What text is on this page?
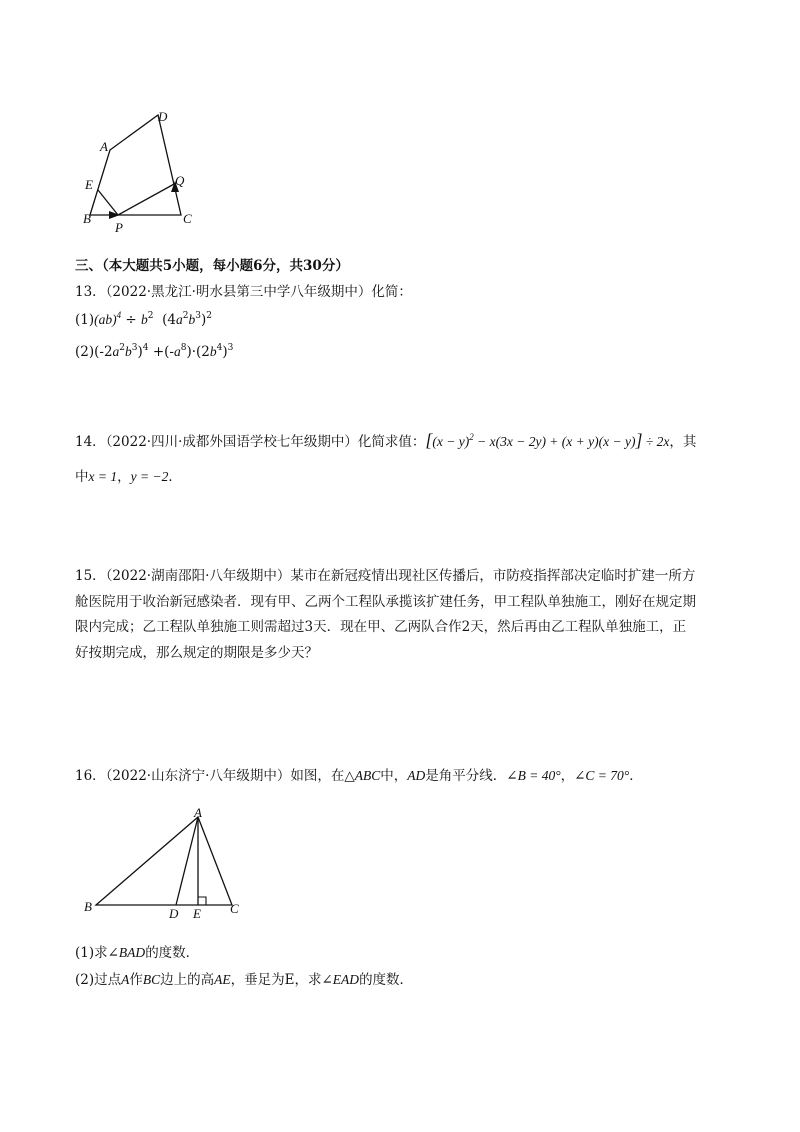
A
D
E	Q
B
P
C
三、（本大题共5小题，每小题6分，共30分）
13．（2022·黑龙江·明水县第三中学八年级期中）化简：
$(1)(ab)^4 \div b^2$  $(4a^2b^3)^2$
$(2)(-2a^2b^3)^4 +(-a^8)\cdot(2b^4)^3$
14．（2022·四川·成都外国语学校七年级期中）化简求值：$[(x - y)^2 - x(3x - 2y) + (x + y)(x - y)] \div 2x$，其
中x = 1，y = −2．
15．（2022·湖南邵阳·八年级期中）某市在新冠疫情出现社区传播后，市防疫指挥部决定临时扩建一所方
舱医院用于收治新冠感染者．现有甲、乙两个工程队承揽该扩建任务，甲工程队单独施工，刚好在规定期
限内完成；乙工程队单独施工则需超过3天．现在甲、乙两队合作2天，然后再由乙工程队单独施工，正
好按期完成，那么规定的期限是多少天？
16．（2022·山东济宁·八年级期中）如图，在△ABC中，AD是角平分线．∠B = 40°，∠C = 70°．
A
B	D E C
(1)求∠BAD的度数．
(2)过点A作BC边上的高AE，垂足为E，求∠EAD的度数．
